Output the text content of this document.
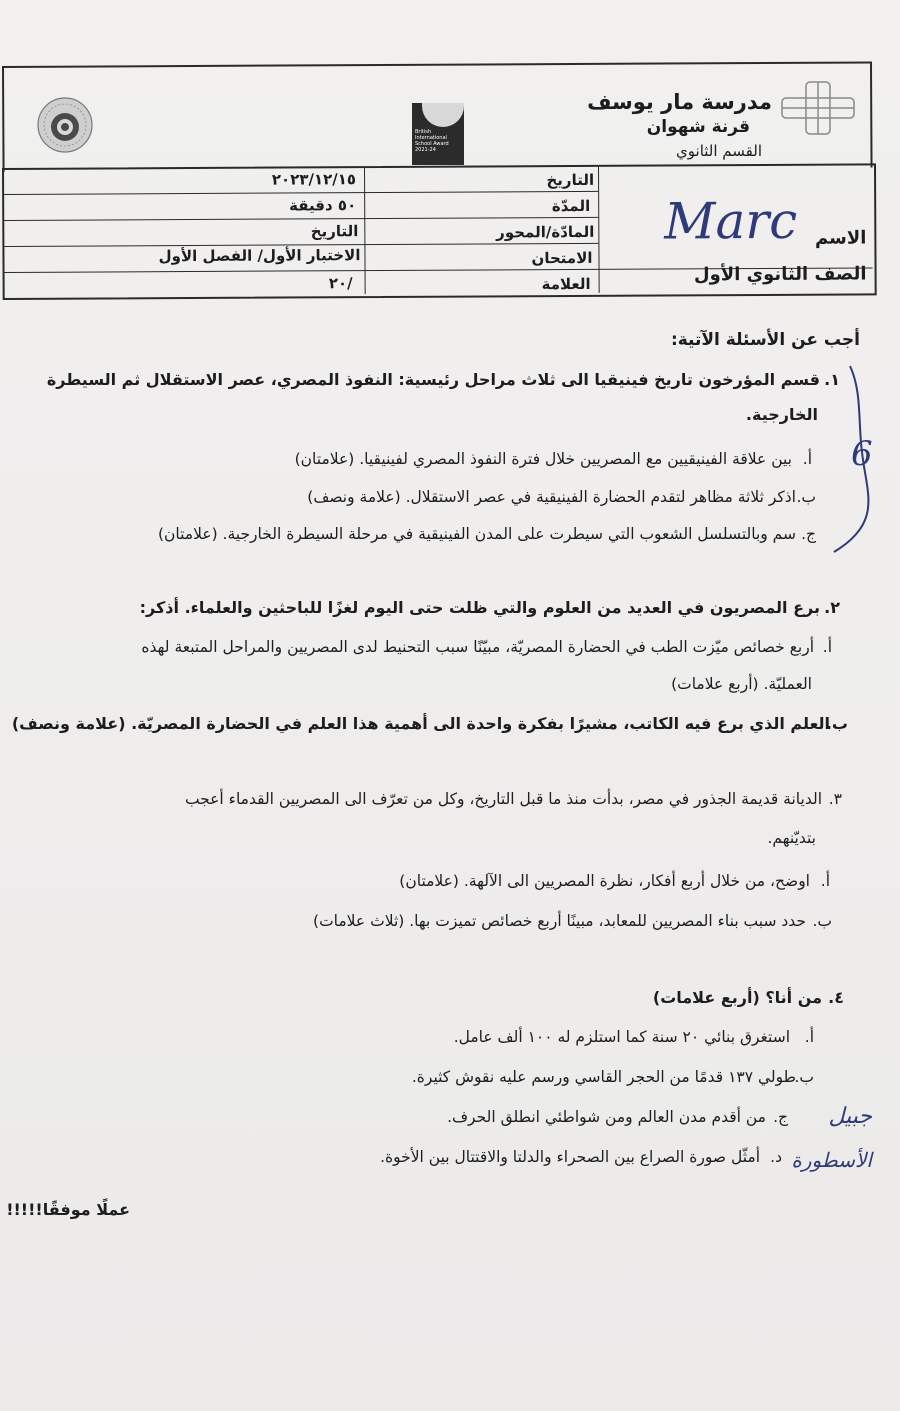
مدرسة مار يوسف
قرنة شهوان
القسم الثانوي
British
International
School Award
2021-24
التاريخ
٢٠٢٣/١٢/١٥
المدّة
٥٠ دقيقة
المادّة/المحور
التاريخ
الامتحان
الاختبار الأول/ الفصل الأول
العلامة
/٢٠
الاسم
Marc
الصف الثانوي الأول
أجب عن الأسئلة الآتية:
١.
قسم المؤرخون تاريخ فينيقيا الى ثلاث مراحل رئيسية: النفوذ المصري، عصر الاستقلال ثم السيطرة
الخارجية.
أ.
بين علاقة الفينيقيين مع المصريين خلال فترة النفوذ المصري لفينيقيا. (علامتان)
ب.
اذكر ثلاثة مظاهر لتقدم الحضارة الفينيقية في عصر الاستقلال. (علامة ونصف)
ج.
سم وبالتسلسل الشعوب التي سيطرت على المدن الفينيقية في مرحلة السيطرة الخارجية. (علامتان)
6
٢.
برع المصريون في العديد من العلوم والتي ظلت حتى اليوم لغزًا للباحثين والعلماء. أذكر:
أ.
أربع خصائص ميّزت الطب في الحضارة المصريّة، مبيّنًا سبب التحنيط لدى المصريين والمراحل المتبعة لهذه
العمليّة. (أربع علامات)
ب.
العلم الذي برع فيه الكاتب، مشيرًا بفكرة واحدة الى أهمية هذا العلم في الحضارة المصريّة. (علامة ونصف)
٣.
الديانة قديمة الجذور في مصر، بدأت منذ ما قبل التاريخ، وكل من تعرّف الى المصريين القدماء أعجب
بتديّنهم.
أ.
اوضح، من خلال أربع أفكار، نظرة المصريين الى الآلهة. (علامتان)
ب.
حدد سبب بناء المصريين للمعابد، مبينًا أربع خصائص تميزت بها. (ثلاث علامات)
٤.
من أنا؟ (أربع علامات)
أ.
استغرق بنائي ٢٠ سنة كما استلزم له ١٠٠ ألف عامل.
ب.
طولي ١٣٧ قدمًا من الحجر القاسي ورسم عليه نقوش كثيرة.
ج.
من أقدم مدن العالم ومن شواطئي انطلق الحرف.
د.
أمثّل صورة الصراع بين الصحراء والدلتا والاقتتال بين الأخوة.
جبيل
الأسطورة
عملًا موفقًا!!!!!
